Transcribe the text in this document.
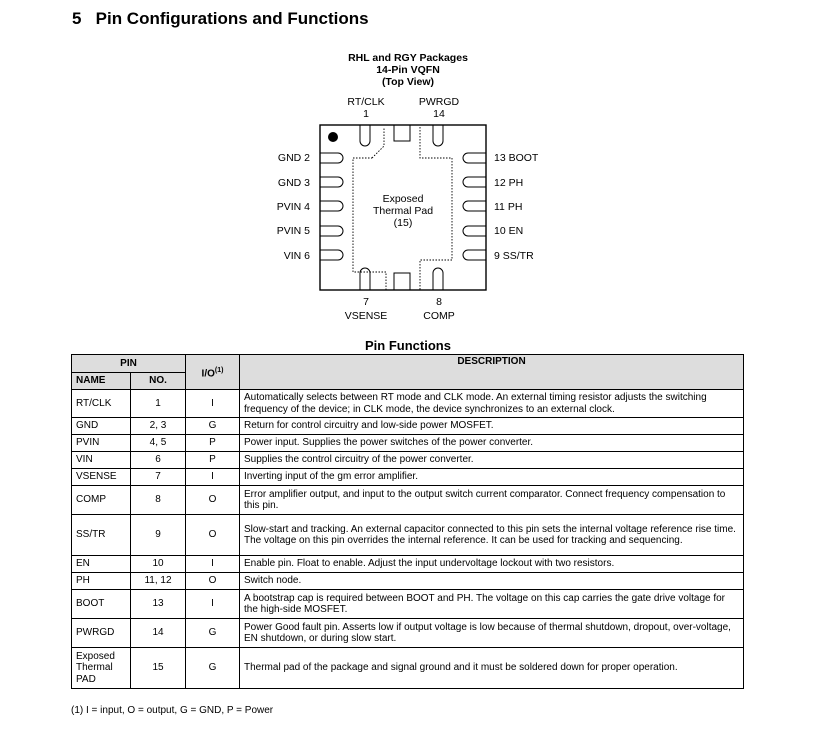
5 Pin Configurations and Functions
RHL and RGY Packages
14-Pin VQFN
(Top View)
RT/CLK
1
PWRGD
14
GND 2
GND 3
PVIN 4
PVIN 5
VIN 6
13 BOOT
12 PH
11 PH
10 EN
9 SS/TR
Exposed
Thermal Pad
(15)
7
VSENSE
8
COMP
Pin Functions
PIN		$I/O^{(1)}$	DESCRIPTION
NAME	NO.		
RT/CLK	1	I	Automatically selects between RT mode and CLK mode. An external timing resistor adjusts the switching frequency of the device; in CLK mode, the device synchronizes to an external clock.
GND	2, 3	G	Return for control circuitry and low-side power MOSFET.
PVIN	4, 5	P	Power input. Supplies the power switches of the power converter.
VIN	6	P	Supplies the control circuitry of the power converter.
VSENSE	7	I	Inverting input of the gm error amplifier.
COMP	8	O	Error amplifier output, and input to the output switch current comparator. Connect frequency compensation to this pin.
SS/TR	9	O	Slow-start and tracking. An external capacitor connected to this pin sets the internal voltage reference rise time. The voltage on this pin overrides the internal reference. It can be used for tracking and sequencing.
EN	10	I	Enable pin. Float to enable. Adjust the input undervoltage lockout with two resistors.
PH	11, 12	O	Switch node.
BOOT	13	I	A bootstrap cap is required between BOOT and PH. The voltage on this cap carries the gate drive voltage for the high-side MOSFET.
PWRGD	14	G	Power Good fault pin. Asserts low if output voltage is low because of thermal shutdown, dropout, over-voltage, EN shutdown, or during slow start.
Exposed Thermal PAD	15	G	Thermal pad of the package and signal ground and it must be soldered down for proper operation.
(1) I = input, O = output, G = GND, P = Power
